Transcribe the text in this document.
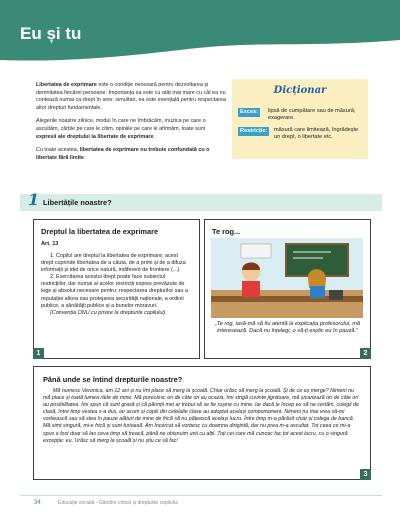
Eu și tu

Libertatea de exprimare este o condiție necesară pentru dezvoltarea și demnitatea fiecărei persoane. Importanța sa este cu atât mai mare cu cât ea nu contează numai ca drept în sine: simultan, ea este esențială pentru respectarea altor drepturi fundamentale.

Alegerile noastre zilnice, modul în care ne îmbrăcăm, muzica pe care o ascultăm, cărțile pe care le citim, opiniile pe care le afirmăm, toate sunt expresii ale dreptului la libertate de exprimare.

Cu toate acestea, libertatea de exprimare nu trebuie confundată cu o libertate fără limite.

Dicționar
Exces:	lipsă de cumpătare sau de măsură; exagerare.
Restricție:	măsură care limitează, îngrădește un drept, o libertate etc.
1 Libertățile noastre?
Dreptul la libertatea de exprimare
Art. 13

1. Copilul are dreptul la libertatea de exprimare; acest drept cuprinde libertatea de a căuta, de a primi și de a difuza informații și idei de orice natură, indiferent de frontiere (...).

2. Exercitarea acestui drept poate face subiectul restricțiilor, dar numai al acelor restricții expres prevăzute de lege și absolut necesare pentru: respectarea drepturilor sau a reputației altora sau protejarea securității naționale, a ordinii publice, a sănătății publice și a bunelor moravuri.

(Convenția ONU cu privire la drepturile copilului)

1
Te rog...
„Te rog, lasă-mă să fiu atentă la explicația profesorului, mă interesează. Dacă nu înțelegi, o să-ți explic eu în pauză.”
2
Până unde se întind drepturile noastre?
Mă numesc Veronica, am 12 ani și nu îmi place să merg la școală. Chiar urăsc să merg la școală. Și de ce aș merge? Nimeni nu mă place și toată lumea râde de mine. Mă poreclesc ori de câte ori au ocazia, îmi strigă cuvinte jignitoare, mă șicanează ori de câte ori au posibilitatea. Îmi spun că sunt grasă și că părinții mei ar trebui să se fie rușine cu mine. Iar dacă le încep eu să ne certăm, colegii de clasă, între timp vestea s-a dus, iar acum și copiii din celelalte clase au adoptat același comportament. Nimeni nu mai vrea să-mi vorbească sau să stea în pauze alături de mine de frică să nu pățească același lucru. Între timp m-a părăsit chiar și colega de bancă. Mă simt singură, mi-e frică și sunt furioasă. Am încercat să vorbesc cu doamna dirigintă, dar nu prea m-a ascultat. Tot ceea ce mi-a spus a fost doar să las ceva timp să treacă, până ne obișnuim unii cu alții. Toți cei care mă cunosc fac tot acest lucru, cu o singură excepție: eu. Urăsc să merg la școală și nu știu ce să fac!
3
34	Educație socială - Gândire critică și drepturile copilului
